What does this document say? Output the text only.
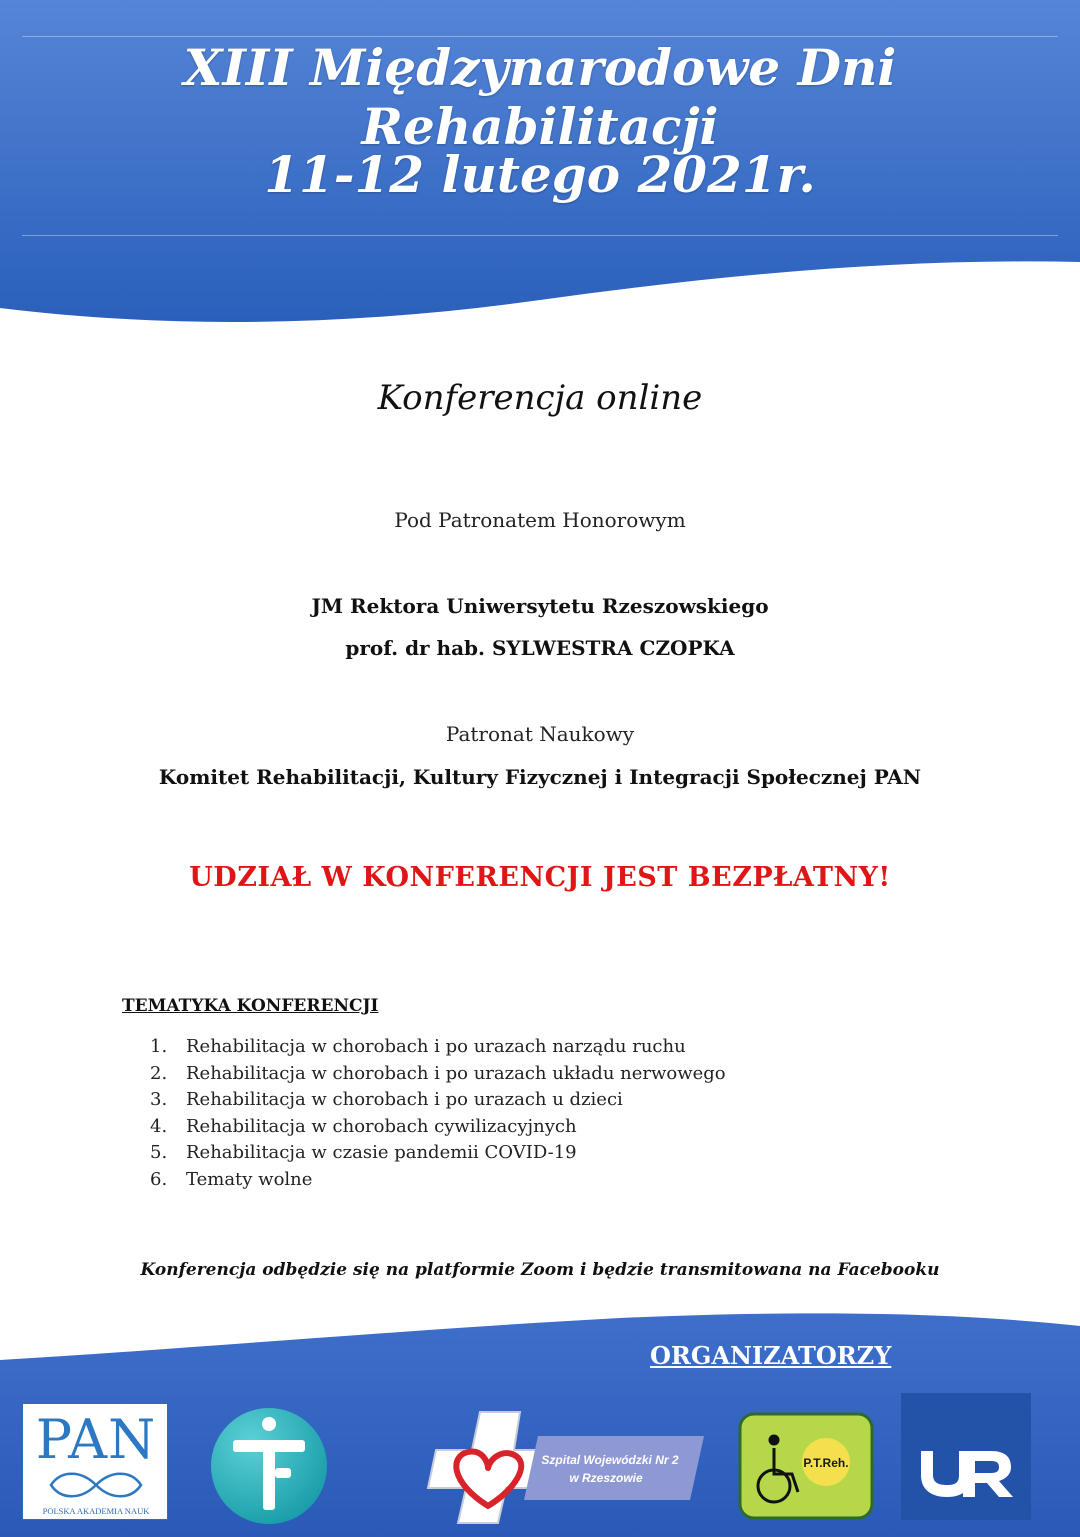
XIII Międzynarodowe Dni Rehabilitacji
11-12 lutego 2021r.
Konferencja online
Pod Patronatem Honorowym
JM Rektora Uniwersytetu Rzeszowskiego
prof. dr hab. SYLWESTRA CZOPKA
Patronat Naukowy
Komitet Rehabilitacji, Kultury Fizycznej i Integracji Społecznej PAN
UDZIAŁ W KONFERENCJI JEST BEZPŁATNY!
TEMATYKA KONFERENCJI
1. Rehabilitacja w chorobach i po urazach narządu ruchu
2. Rehabilitacja w chorobach i po urazach układu nerwowego
3. Rehabilitacja w chorobach i po urazach u dzieci
4. Rehabilitacja w chorobach cywilizacyjnych
5. Rehabilitacja w czasie pandemii COVID-19
6. Tematy wolne
Konferencja odbędzie się na platformie Zoom i będzie transmitowana na Facebooku
ORGANIZATORZY
PAN
POLSKA AKADEMIA NAUK
Szpital Wojewódzki Nr 2
w Rzeszowie
P.T.Reh.
